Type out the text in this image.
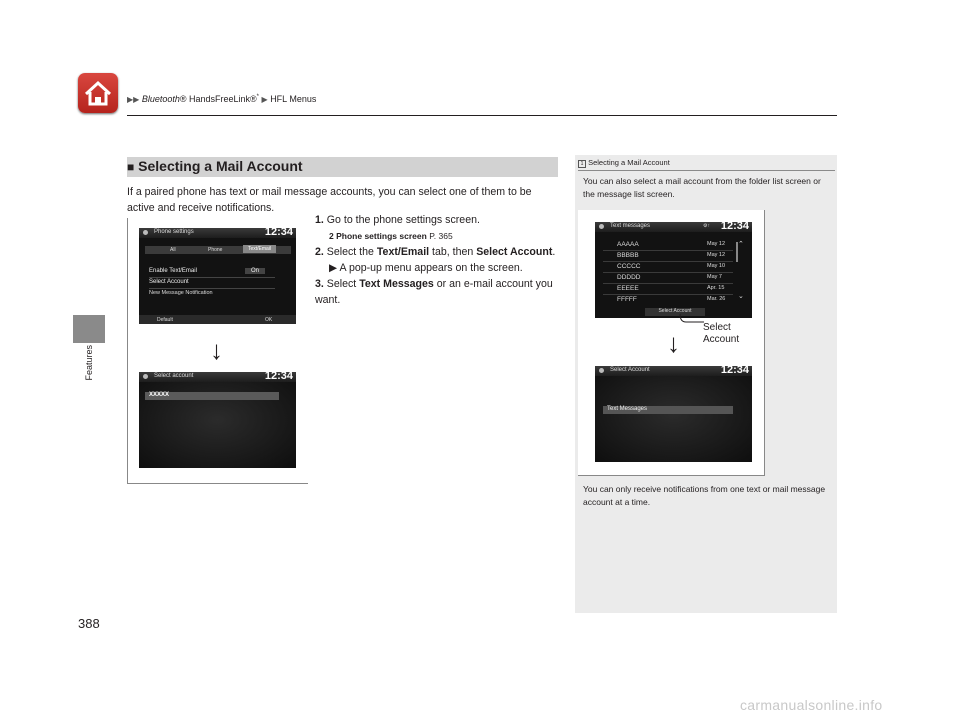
▶▶ Bluetooth® HandsFreeLink®* ▶ HFL Menus
Features
388
■ Selecting a Mail Account
If a paired phone has text or mail message accounts, you can select one of them to be active and receive notifications.
1. Go to the phone settings screen.
2 Phone settings screen P. 365
2. Select the Text/Email tab, then Select Account.
▶ A pop-up menu appears on the screen.
3. Select Text Messages or an e-mail account you want.
Phone settings	12:34
All	Phone	Text/Email
Enable Text/Email	On
Select Account
New Message Notification
Default	OK
↓
Select account	12:34
XXXXX
1 Selecting a Mail Account
You can also select a mail account from the folder list screen or the message list screen.
Text messages	⚙↑ 12:34
AAAAA	May 12
BBBBB	May 12
CCCCC	May 10
DDDDD	May 7
EEEEE	Apr. 15
FFFFF	Mar. 26
⌃
⌄
Select Account
Select Account
↓
Select Account	12:34
Text Messages
You can only receive notifications from one text or mail message account at a time.
carmanualsonline.info
